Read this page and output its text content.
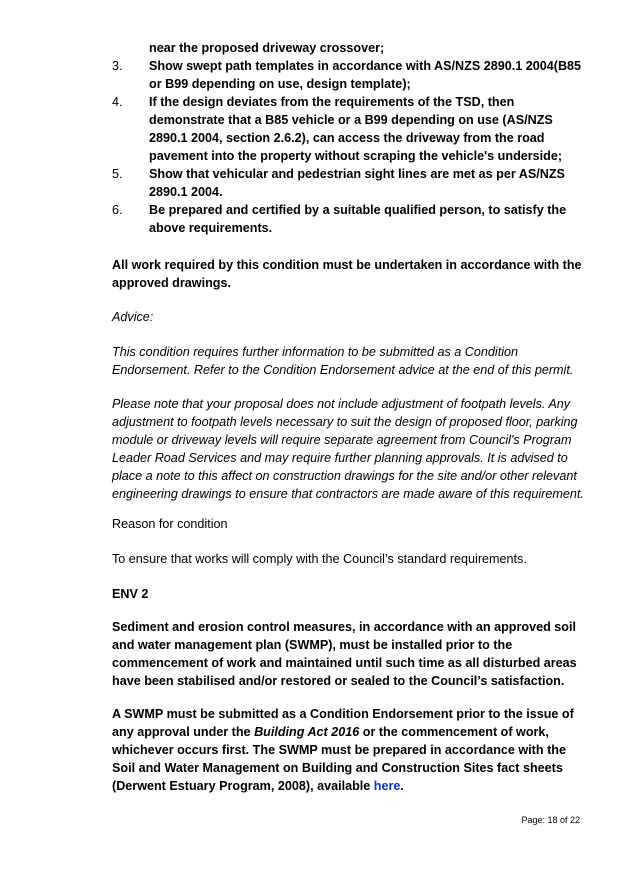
near the proposed driveway crossover;
3.	Show swept path templates in accordance with AS/NZS 2890.1 2004(B85 or B99 depending on use, design template);
4.	If the design deviates from the requirements of the TSD, then demonstrate that a B85 vehicle or a B99 depending on use (AS/NZS 2890.1 2004, section 2.6.2), can access the driveway from the road pavement into the property without scraping the vehicle's underside;
5.	Show that vehicular and pedestrian sight lines are met as per AS/NZS 2890.1 2004.
6.	Be prepared and certified by a suitable qualified person, to satisfy the above requirements.

All work required by this condition must be undertaken in accordance with the approved drawings.

Advice:

This condition requires further information to be submitted as a Condition Endorsement. Refer to the Condition Endorsement advice at the end of this permit.

Please note that your proposal does not include adjustment of footpath levels. Any adjustment to footpath levels necessary to suit the design of proposed floor, parking module or driveway levels will require separate agreement from Council's Program Leader Road Services and may require further planning approvals. It is advised to place a note to this affect on construction drawings for the site and/or other relevant engineering drawings to ensure that contractors are made aware of this requirement.

Reason for condition

To ensure that works will comply with the Council’s standard requirements.

ENV 2

Sediment and erosion control measures, in accordance with an approved soil and water management plan (SWMP), must be installed prior to the commencement of work and maintained until such time as all disturbed areas have been stabilised and/or restored or sealed to the Council’s satisfaction.

A SWMP must be submitted as a Condition Endorsement prior to the issue of any approval under the Building Act 2016 or the commencement of work, whichever occurs first. The SWMP must be prepared in accordance with the Soil and Water Management on Building and Construction Sites fact sheets (Derwent Estuary Program, 2008), available here.

Page: 18 of 22
